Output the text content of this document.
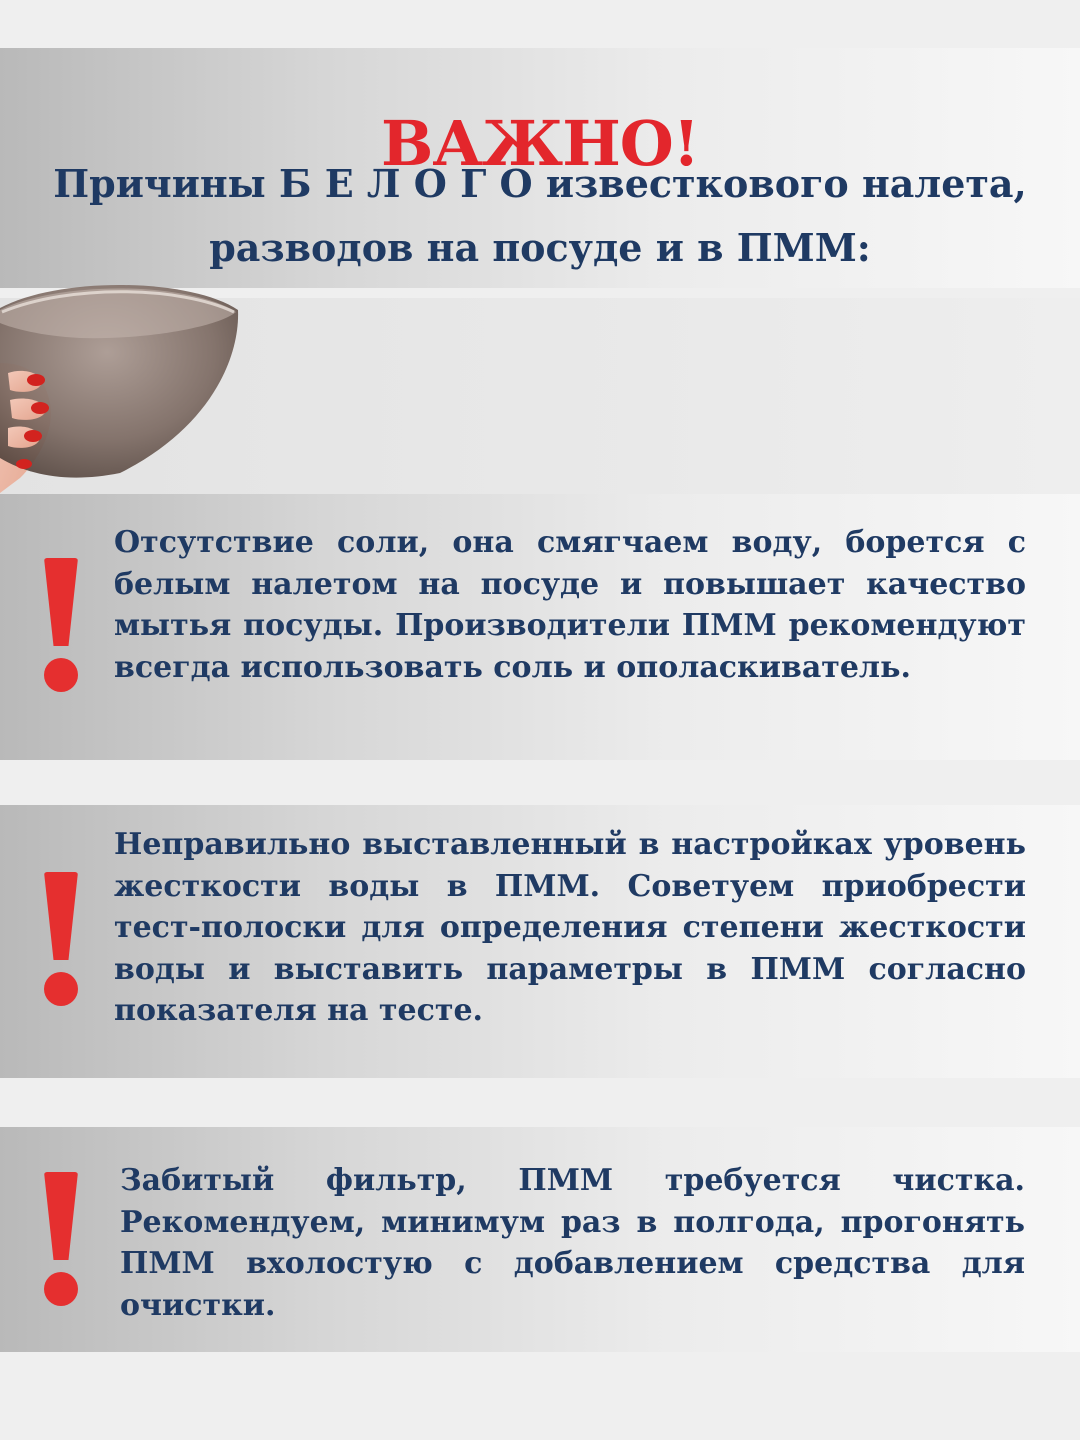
ВАЖНО!
Причины Б Е Л О Г О известкового налета, разводов на посуде и в ПММ:

Отсутствие соли, она смягчаем воду, борется с белым налетом на посуде и повышает качество мытья посуды. Производители ПММ рекомендуют всегда использовать соль и ополаскиватель.

Неправильно выставленный в настройках уровень жесткости воды в ПММ. Советуем приобрести тест-полоски для определения степени жесткости воды и выставить параметры в ПММ согласно показателя на тесте.

Забитый фильтр, ПММ требуется чистка. Рекомендуем, минимум раз в полгода, прогонять ПММ вхолостую с добавлением средства для очистки.
